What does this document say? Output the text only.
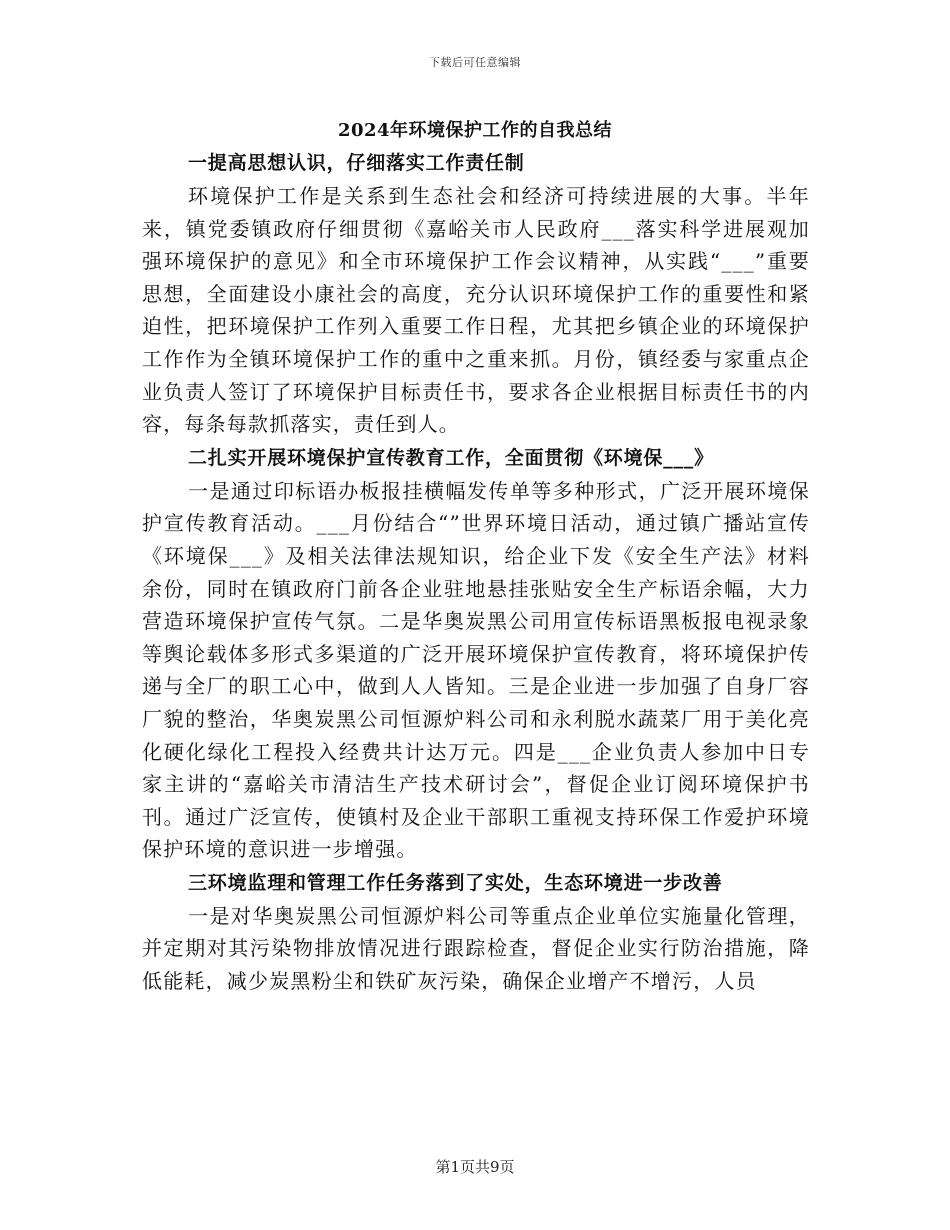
下载后可任意编辑
2024年环境保护工作的自我总结

一提高思想认识，仔细落实工作责任制

环境保护工作是关系到生态社会和经济可持续进展的大事。半年来，镇党委镇政府仔细贯彻《嘉峪关市人民政府___落实科学进展观加强环境保护的意见》和全市环境保护工作会议精神，从实践“___”重要思想，全面建设小康社会的高度，充分认识环境保护工作的重要性和紧迫性，把环境保护工作列入重要工作日程，尤其把乡镇企业的环境保护工作作为全镇环境保护工作的重中之重来抓。月份，镇经委与家重点企业负责人签订了环境保护目标责任书，要求各企业根据目标责任书的内容，每条每款抓落实，责任到人。

二扎实开展环境保护宣传教育工作，全面贯彻《环境保___》

一是通过印标语办板报挂横幅发传单等多种形式，广泛开展环境保护宣传教育活动。___月份结合“”世界环境日活动，通过镇广播站宣传《环境保___》及相关法律法规知识，给企业下发《安全生产法》材料余份，同时在镇政府门前各企业驻地悬挂张贴安全生产标语余幅，大力营造环境保护宣传气氛。二是华奥炭黑公司用宣传标语黑板报电视录象等舆论载体多形式多渠道的广泛开展环境保护宣传教育，将环境保护传递与全厂的职工心中，做到人人皆知。三是企业进一步加强了自身厂容厂貌的整治，华奥炭黑公司恒源炉料公司和永利脱水蔬菜厂用于美化亮化硬化绿化工程投入经费共计达万元。四是___企业负责人参加中日专家主讲的“嘉峪关市清洁生产技术研讨会”，督促企业订阅环境保护书刊。通过广泛宣传，使镇村及企业干部职工重视支持环保工作爱护环境保护环境的意识进一步增强。

三环境监理和管理工作任务落到了实处，生态环境进一步改善

一是对华奥炭黑公司恒源炉料公司等重点企业单位实施量化管理，并定期对其污染物排放情况进行跟踪检查，督促企业实行防治措施，降低能耗，减少炭黑粉尘和铁矿灰污染，确保企业增产不增污，人员

第1页共9页
